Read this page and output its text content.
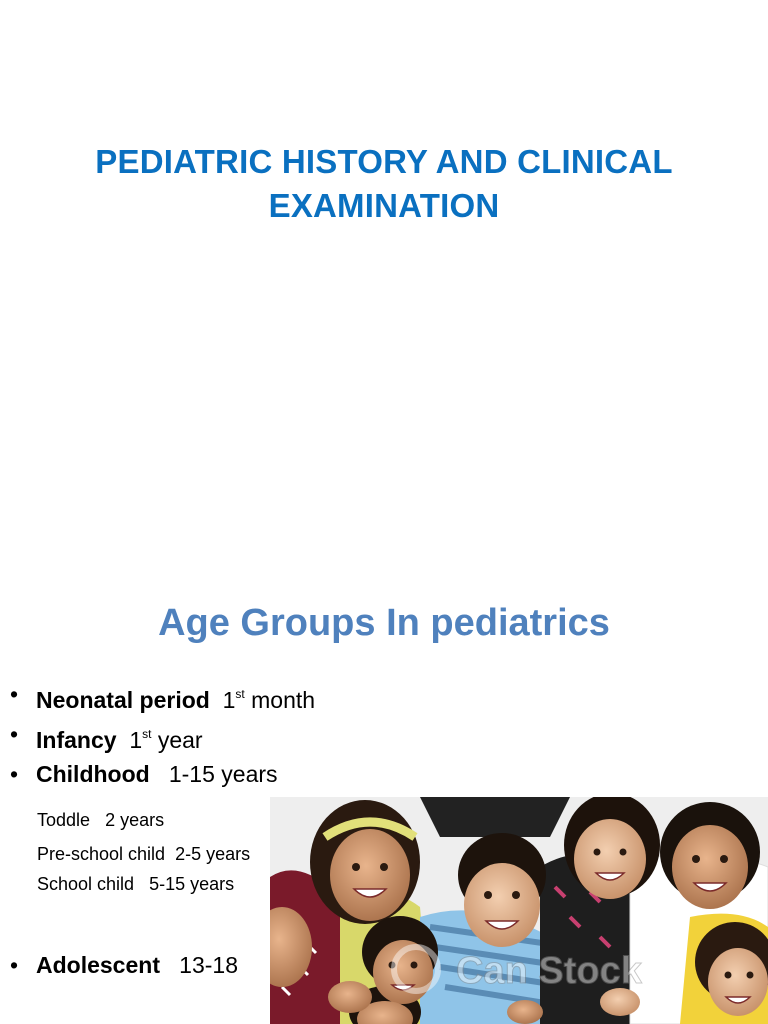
PEDIATRIC HISTORY AND CLINICAL
EXAMINATION
Age Groups In pediatrics
• Neonatal period 1st month
• Infancy 1st year
• Childhood 1-15 years
Toddle 2 years
Pre-school child 2-5 years
School child 5-15 years
• Adolescent 13-18	Can Stock
